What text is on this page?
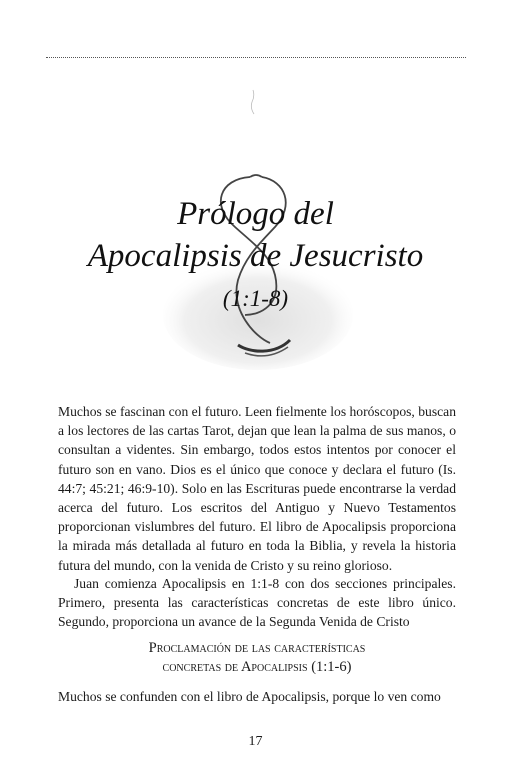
Prólogo del
Apocalipsis de Jesucristo
(1:1-8)

Muchos se fascinan con el futuro. Leen fielmente los horóscopos, buscan a los lectores de las cartas Tarot, dejan que lean la palma de sus manos, o consultan a videntes. Sin embargo, todos estos intentos por conocer el futuro son en vano. Dios es el único que conoce y declara el futuro (Is. 44:7; 45:21; 46:9-10). Solo en las Escrituras puede encontrarse la verdad acerca del futuro. Los escritos del Antiguo y Nuevo Testamentos proporcionan vislumbres del futuro. El libro de Apocalipsis proporciona la mirada más detallada al futuro en toda la Biblia, y revela la historia futura del mundo, con la venida de Cristo y su reino glorioso.

Juan comienza Apocalipsis en 1:1-8 con dos secciones principales. Primero, presenta las características concretas de este libro único. Segundo, proporciona un avance de la Segunda Venida de Cristo

Proclamación de las características
concretas de Apocalipsis (1:1-6)

Muchos se confunden con el libro de Apocalipsis, porque lo ven como

17
